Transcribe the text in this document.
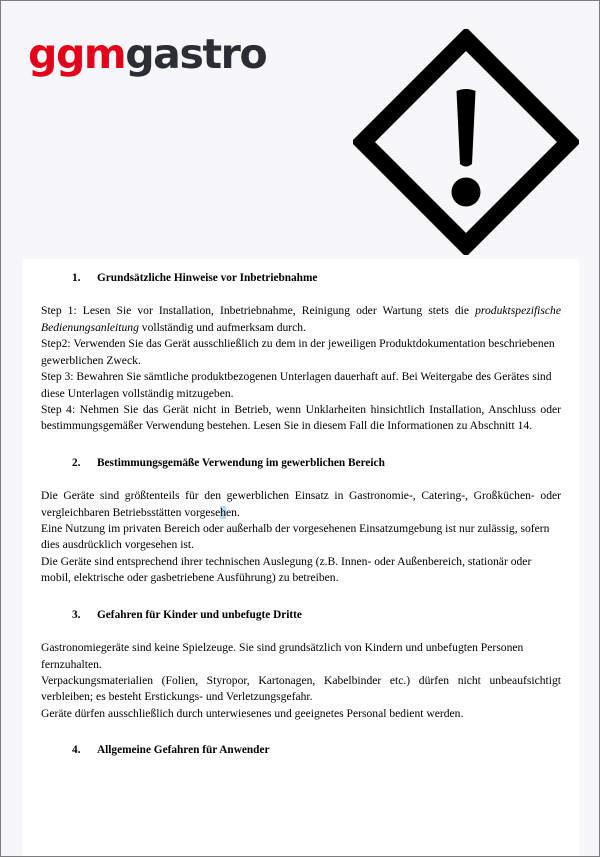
ggmgastro
1.	Grundsätzliche Hinweise vor Inbetriebnahme

Step 1: Lesen Sie vor Installation, Inbetriebnahme, Reinigung oder Wartung stets die produktspezifische Bedienungsanleitung vollständig und aufmerksam durch.

Step2: Verwenden Sie das Gerät ausschließlich zu dem in der jeweiligen Produktdokumentation beschriebenen gewerblichen Zweck.

Step 3: Bewahren Sie sämtliche produktbezogenen Unterlagen dauerhaft auf. Bei Weitergabe des Gerätes sind diese Unterlagen vollständig mitzugeben.

Step 4: Nehmen Sie das Gerät nicht in Betrieb, wenn Unklarheiten hinsichtlich Installation, Anschluss oder bestimmungsgemäßer Verwendung bestehen. Lesen Sie in diesem Fall die Informationen zu Abschnitt 14.

2.	Bestimmungsgemäße Verwendung im gewerblichen Bereich

Die Geräte sind größtenteils für den gewerblichen Einsatz in Gastronomie-, Catering-, Großküchen- oder vergleichbaren Betriebsstätten vorgesehen.

Eine Nutzung im privaten Bereich oder außerhalb der vorgesehenen Einsatzumgebung ist nur zulässig, sofern dies ausdrücklich vorgesehen ist.

Die Geräte sind entsprechend ihrer technischen Auslegung (z.B. Innen- oder Außenbereich, stationär oder mobil, elektrische oder gasbetriebene Ausführung) zu betreiben.

3.	Gefahren für Kinder und unbefugte Dritte

Gastronomiegeräte sind keine Spielzeuge. Sie sind grundsätzlich von Kindern und unbefugten Personen fernzuhalten.

Verpackungsmaterialien (Folien, Styropor, Kartonagen, Kabelbinder etc.) dürfen nicht unbeaufsichtigt verbleiben; es besteht Erstickungs- und Verletzungsgefahr.

Geräte dürfen ausschließlich durch unterwiesenes und geeignetes Personal bedient werden.

4.	Allgemeine Gefahren für Anwender
